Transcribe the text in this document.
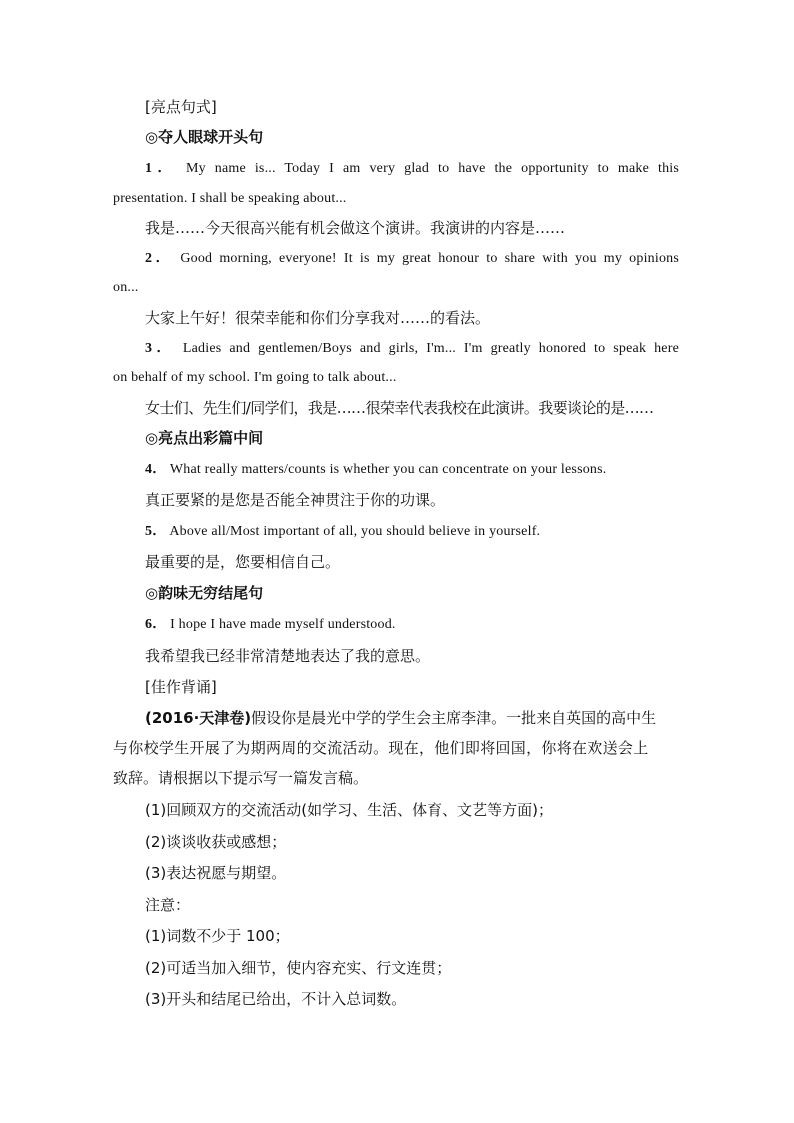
[亮点句式]
◎夺人眼球开头句
1． My name is... Today I am very glad to have the opportunity to make this
presentation. I shall be speaking about...
我是……今天很高兴能有机会做这个演讲。我演讲的内容是……
2． Good morning, everyone! It is my great honour to share with you my opinions
on...
大家上午好！很荣幸能和你们分享我对……的看法。
3． Ladies and gentlemen/Boys and girls, I'm... I'm greatly honored to speak here
on behalf of my school. I'm going to talk about...
女士们、先生们/同学们，我是……很荣幸代表我校在此演讲。我要谈论的是……
◎亮点出彩篇中间
4． What really matters/counts is whether you can concentrate on your lessons.
真正要紧的是您是否能全神贯注于你的功课。
5． Above all/Most important of all, you should believe in yourself.
最重要的是，您要相信自己。
◎韵味无穷结尾句
6． I hope I have made myself understood.
我希望我已经非常清楚地表达了我的意思。
[佳作背诵]
(2016·天津卷)假设你是晨光中学的学生会主席李津。一批来自英国的高中生
与你校学生开展了为期两周的交流活动。现在，他们即将回国，你将在欢送会上
致辞。请根据以下提示写一篇发言稿。
(1)回顾双方的交流活动(如学习、生活、体育、文艺等方面)；
(2)谈谈收获或感想；
(3)表达祝愿与期望。
注意：
(1)词数不少于 100；
(2)可适当加入细节，使内容充实、行文连贯；
(3)开头和结尾已给出，不计入总词数。
